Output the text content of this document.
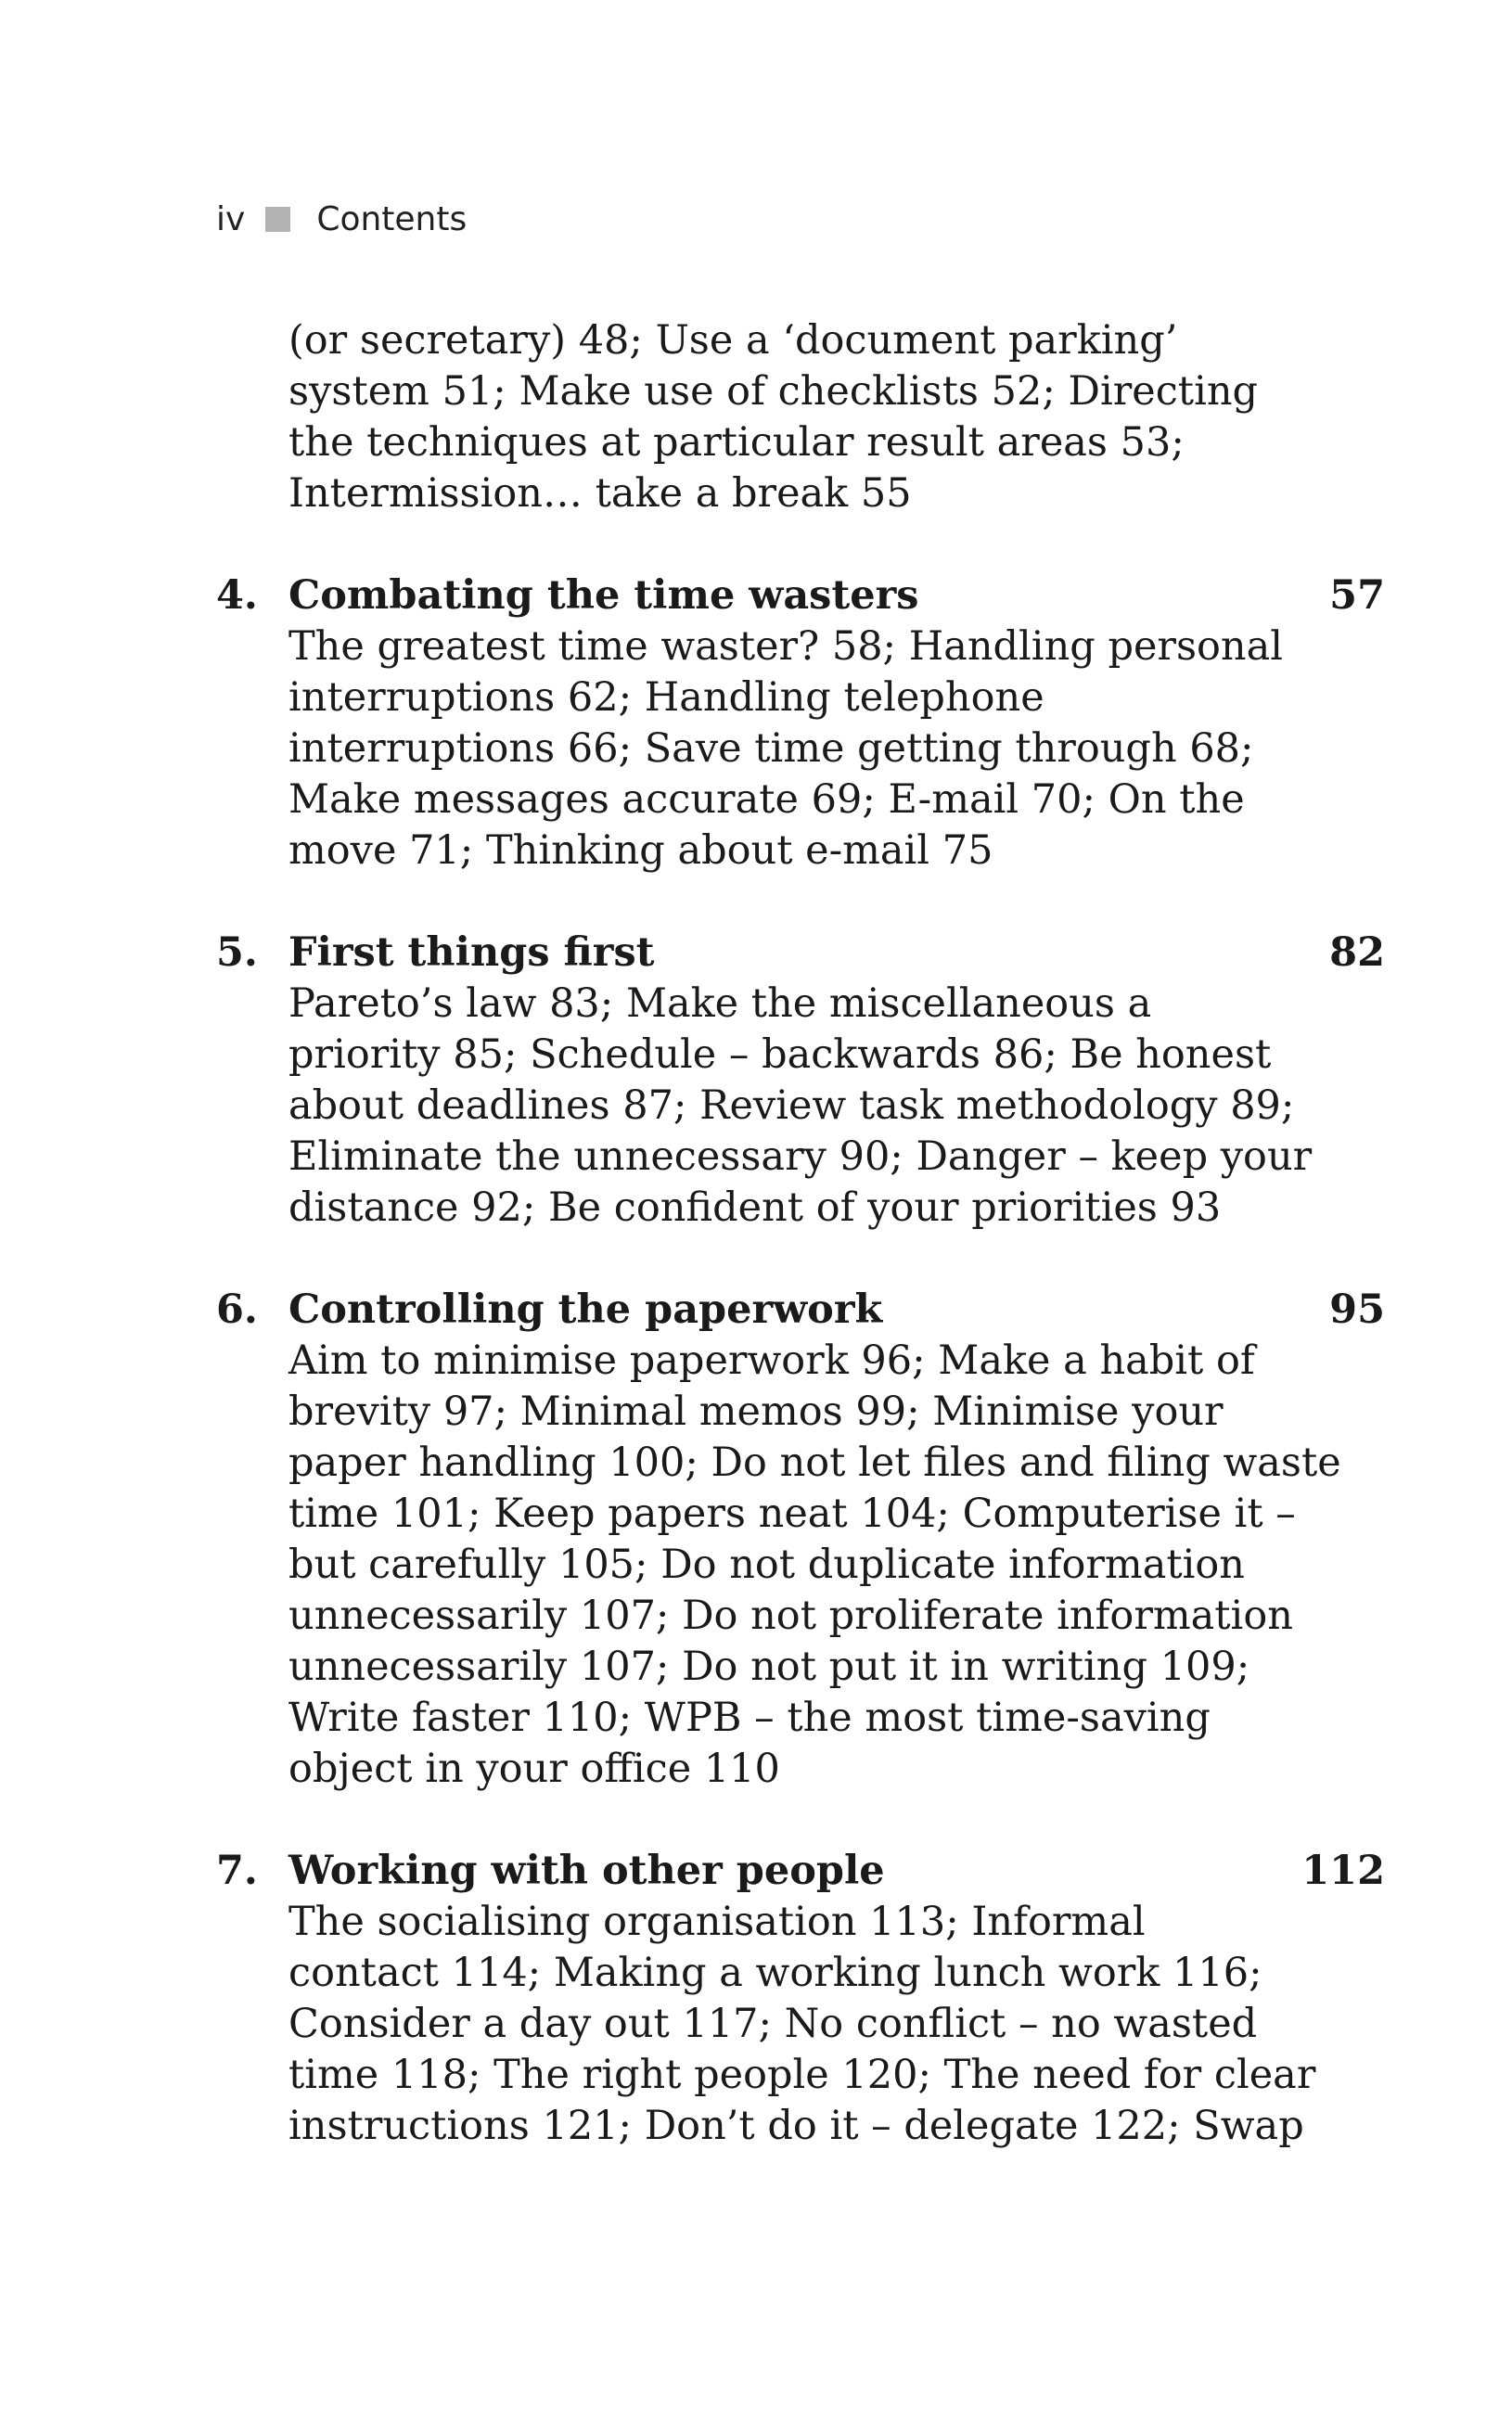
iv Contents
(or secretary) 48; Use a ‘document parking’
system 51; Make use of checklists 52; Directing
the techniques at particular result areas 53;
Intermission… take a break 55
4. Combating the time wasters	57
The greatest time waster? 58; Handling personal
interruptions 62; Handling telephone
interruptions 66; Save time getting through 68;
Make messages accurate 69; E-mail 70; On the
move 71; Thinking about e-mail 75
5. First things first	82
Pareto’s law 83; Make the miscellaneous a
priority 85; Schedule – backwards 86; Be honest
about deadlines 87; Review task methodology 89;
Eliminate the unnecessary 90; Danger – keep your
distance 92; Be confident of your priorities 93
6. Controlling the paperwork	95
Aim to minimise paperwork 96; Make a habit of
brevity 97; Minimal memos 99; Minimise your
paper handling 100; Do not let files and filing waste
time 101; Keep papers neat 104; Computerise it –
but carefully 105; Do not duplicate information
unnecessarily 107; Do not proliferate information
unnecessarily 107; Do not put it in writing 109;
Write faster 110; WPB – the most time-saving
object in your office 110
7. Working with other people	112
The socialising organisation 113; Informal
contact 114; Making a working lunch work 116;
Consider a day out 117; No conflict – no wasted
time 118; The right people 120; The need for clear
instructions 121; Don’t do it – delegate 122; Swap
